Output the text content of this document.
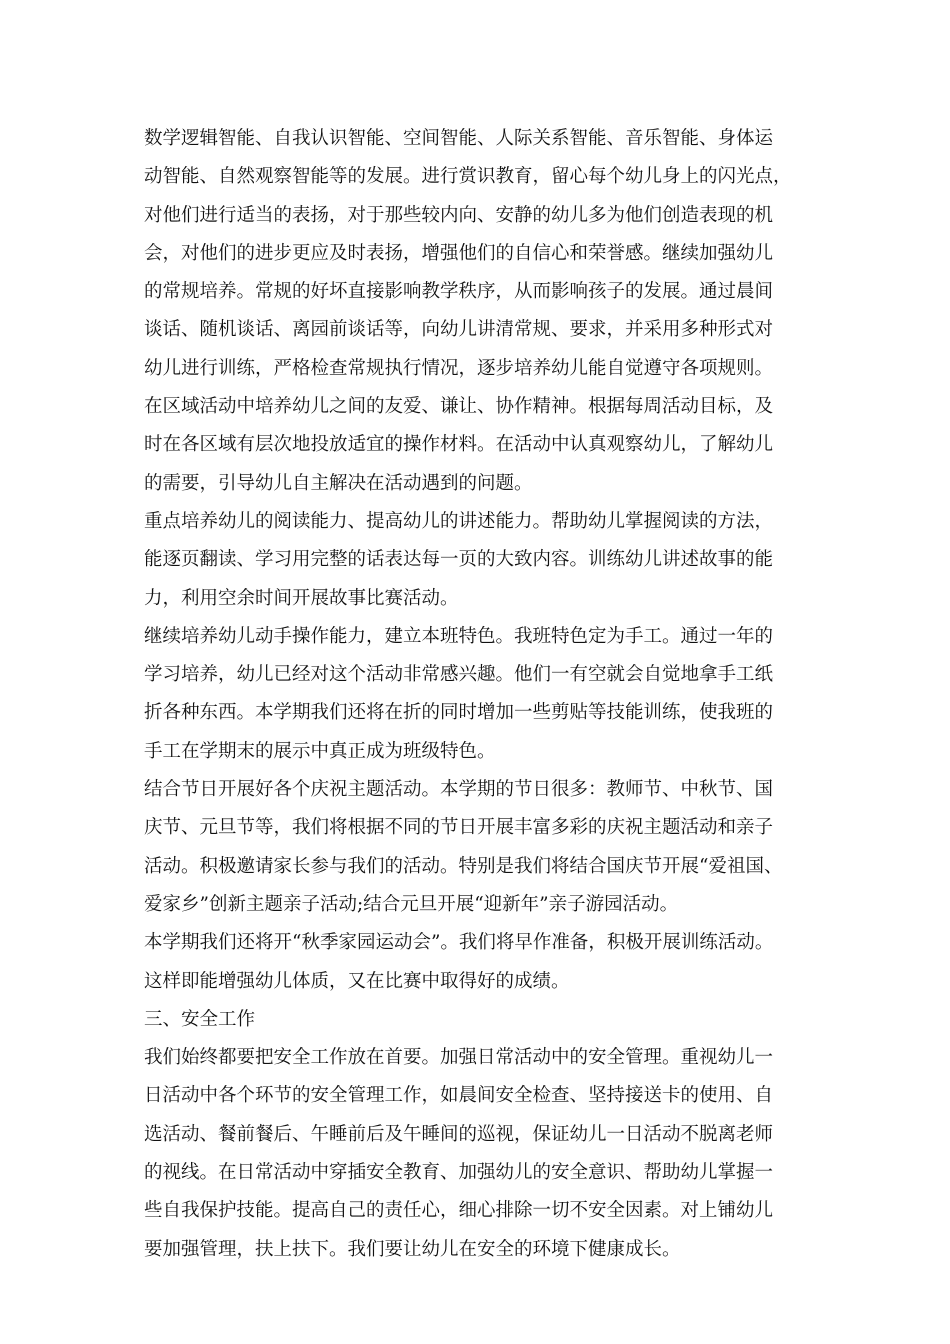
数学逻辑智能、自我认识智能、空间智能、人际关系智能、音乐智能、身体运
动智能、自然观察智能等的发展。进行赏识教育，留心每个幼儿身上的闪光点，
对他们进行适当的表扬，对于那些较内向、安静的幼儿多为他们创造表现的机
会，对他们的进步更应及时表扬，增强他们的自信心和荣誉感。继续加强幼儿
的常规培养。常规的好坏直接影响教学秩序，从而影响孩子的发展。通过晨间
谈话、随机谈话、离园前谈话等，向幼儿讲清常规、要求，并采用多种形式对
幼儿进行训练，严格检查常规执行情况，逐步培养幼儿能自觉遵守各项规则。
在区域活动中培养幼儿之间的友爱、谦让、协作精神。根据每周活动目标，及
时在各区域有层次地投放适宜的操作材料。在活动中认真观察幼儿，了解幼儿
的需要，引导幼儿自主解决在活动遇到的问题。
重点培养幼儿的阅读能力、提高幼儿的讲述能力。帮助幼儿掌握阅读的方法，
能逐页翻读、学习用完整的话表达每一页的大致内容。训练幼儿讲述故事的能
力，利用空余时间开展故事比赛活动。
继续培养幼儿动手操作能力，建立本班特色。我班特色定为手工。通过一年的
学习培养，幼儿已经对这个活动非常感兴趣。他们一有空就会自觉地拿手工纸
折各种东西。本学期我们还将在折的同时增加一些剪贴等技能训练，使我班的
手工在学期末的展示中真正成为班级特色。
结合节日开展好各个庆祝主题活动。本学期的节日很多：教师节、中秋节、国
庆节、元旦节等，我们将根据不同的节日开展丰富多彩的庆祝主题活动和亲子
活动。积极邀请家长参与我们的活动。特别是我们将结合国庆节开展“爱祖国、
爱家乡”创新主题亲子活动;结合元旦开展“迎新年”亲子游园活动。
本学期我们还将开“秋季家园运动会”。我们将早作准备，积极开展训练活动。
这样即能增强幼儿体质，又在比赛中取得好的成绩。
三、安全工作
我们始终都要把安全工作放在首要。加强日常活动中的安全管理。重视幼儿一
日活动中各个环节的安全管理工作，如晨间安全检查、坚持接送卡的使用、自
选活动、餐前餐后、午睡前后及午睡间的巡视，保证幼儿一日活动不脱离老师
的视线。在日常活动中穿插安全教育、加强幼儿的安全意识、帮助幼儿掌握一
些自我保护技能。提高自己的责任心，细心排除一切不安全因素。对上铺幼儿
要加强管理，扶上扶下。我们要让幼儿在安全的环境下健康成长。
